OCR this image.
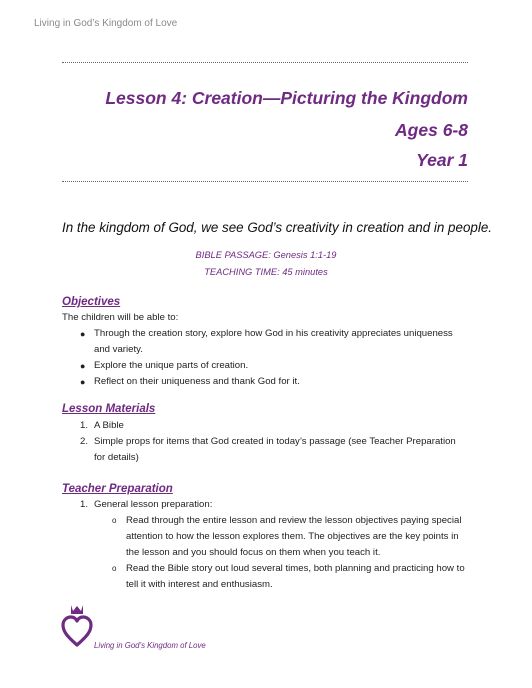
Living in God’s Kingdom of Love
Lesson 4: Creation—Picturing the Kingdom
Ages 6-8
Year 1
In the kingdom of God, we see God’s creativity in creation and in people.
BIBLE PASSAGE: Genesis 1:1-19
TEACHING TIME: 45 minutes
Objectives
The children will be able to:
● Through the creation story, explore how God in his creativity appreciates uniqueness
and variety.
● Explore the unique parts of creation.
● Reflect on their uniqueness and thank God for it.
Lesson Materials
1. A Bible
2. Simple props for items that God created in today’s passage (see Teacher Preparation
for details)
Teacher Preparation
1. General lesson preparation:
o Read through the entire lesson and review the lesson objectives paying special
attention to how the lesson explores them. The objectives are the key points in
the lesson and you should focus on them when you teach it.
o Read the Bible story out loud several times, both planning and practicing how to
tell it with interest and enthusiasm.
Living in God’s Kingdom of Love
